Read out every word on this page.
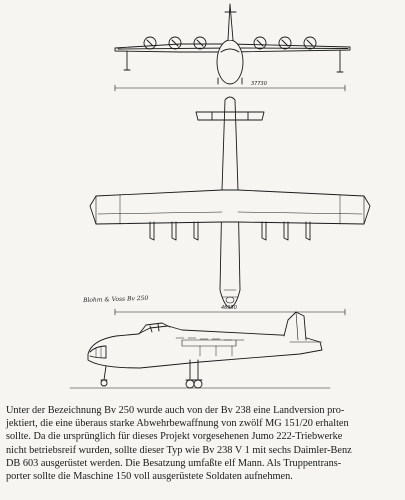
37730
46350
Blohm & Voss Bv 250

Unter der Bezeichnung Bv 250 wurde auch von der Bv 238 eine Landversion pro-
jektiert, die eine überaus starke Abwehrbewaffnung von zwölf MG 151/20 erhalten
sollte. Da die ursprünglich für dieses Projekt vorgesehenen Jumo 222-Triebwerke
nicht betriebsreif wurden, sollte dieser Typ wie Bv 238 V 1 mit sechs Daimler-Benz
DB 603 ausgerüstet werden. Die Besatzung umfaßte elf Mann. Als Truppentrans-
porter sollte die Maschine 150 voll ausgerüstete Soldaten aufnehmen.
